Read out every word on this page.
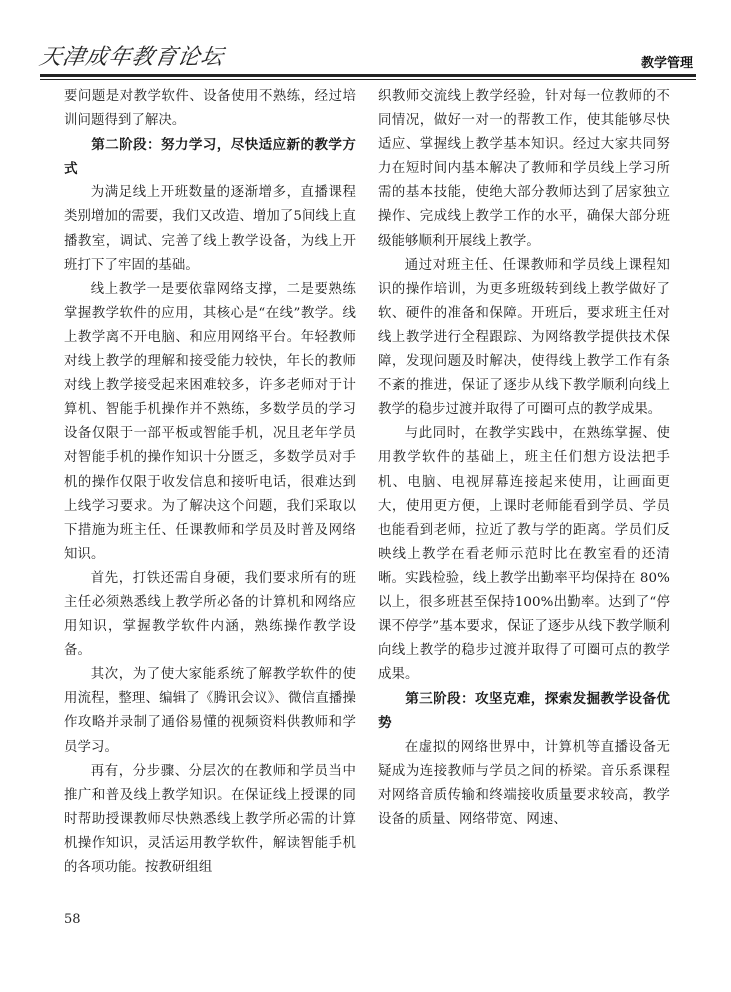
天津成年教育论坛	教学管理

要问题是对教学软件、设备使用不熟练，经过培训问题得到了解决。

第二阶段：努力学习，尽快适应新的教学方式

为满足线上开班数量的逐渐增多，直播课程类别增加的需要，我们又改造、增加了5间线上直播教室，调试、完善了线上教学设备，为线上开班打下了牢固的基础。

线上教学一是要依靠网络支撑，二是要熟练掌握教学软件的应用，其核心是“在线”教学。线上教学离不开电脑、和应用网络平台。年轻教师对线上教学的理解和接受能力较快，年长的教师对线上教学接受起来困难较多，许多老师对于计算机、智能手机操作并不熟练，多数学员的学习设备仅限于一部平板或智能手机，况且老年学员对智能手机的操作知识十分匮乏，多数学员对手机的操作仅限于收发信息和接听电话，很难达到上线学习要求。为了解决这个问题，我们采取以下措施为班主任、任课教师和学员及时普及网络知识。

首先，打铁还需自身硬，我们要求所有的班主任必须熟悉线上教学所必备的计算机和网络应用知识，掌握教学软件内涵，熟练操作教学设备。

其次，为了使大家能系统了解教学软件的使用流程，整理、编辑了《腾讯会议》、微信直播操作攻略并录制了通俗易懂的视频资料供教师和学员学习。

再有，分步骤、分层次的在教师和学员当中推广和普及线上教学知识。在保证线上授课的同时帮助授课教师尽快熟悉线上教学所必需的计算机操作知识，灵活运用教学软件，解读智能手机的各项功能。按教研组组

织教师交流线上教学经验，针对每一位教师的不同情况，做好一对一的帮教工作，使其能够尽快适应、掌握线上教学基本知识。经过大家共同努力在短时间内基本解决了教师和学员线上学习所需的基本技能，使绝大部分教师达到了居家独立操作、完成线上教学工作的水平，确保大部分班级能够顺利开展线上教学。

通过对班主任、任课教师和学员线上课程知识的操作培训，为更多班级转到线上教学做好了软、硬件的准备和保障。开班后，要求班主任对线上教学进行全程跟踪、为网络教学提供技术保障，发现问题及时解决，使得线上教学工作有条不紊的推进，保证了逐步从线下教学顺利向线上教学的稳步过渡并取得了可圈可点的教学成果。

与此同时，在教学实践中，在熟练掌握、使用教学软件的基础上，班主任们想方设法把手机、电脑、电视屏幕连接起来使用，让画面更大，使用更方便，上课时老师能看到学员、学员也能看到老师，拉近了教与学的距离。学员们反映线上教学在看老师示范时比在教室看的还清晰。实践检验，线上教学出勤率平均保持在 80%以上，很多班甚至保持100%出勤率。达到了“停课不停学”基本要求，保证了逐步从线下教学顺利向线上教学的稳步过渡并取得了可圈可点的教学成果。

第三阶段：攻坚克难，探索发掘教学设备优势

在虚拟的网络世界中，计算机等直播设备无疑成为连接教师与学员之间的桥梁。音乐系课程对网络音质传输和终端接收质量要求较高，教学设备的质量、网络带宽、网速、

58
